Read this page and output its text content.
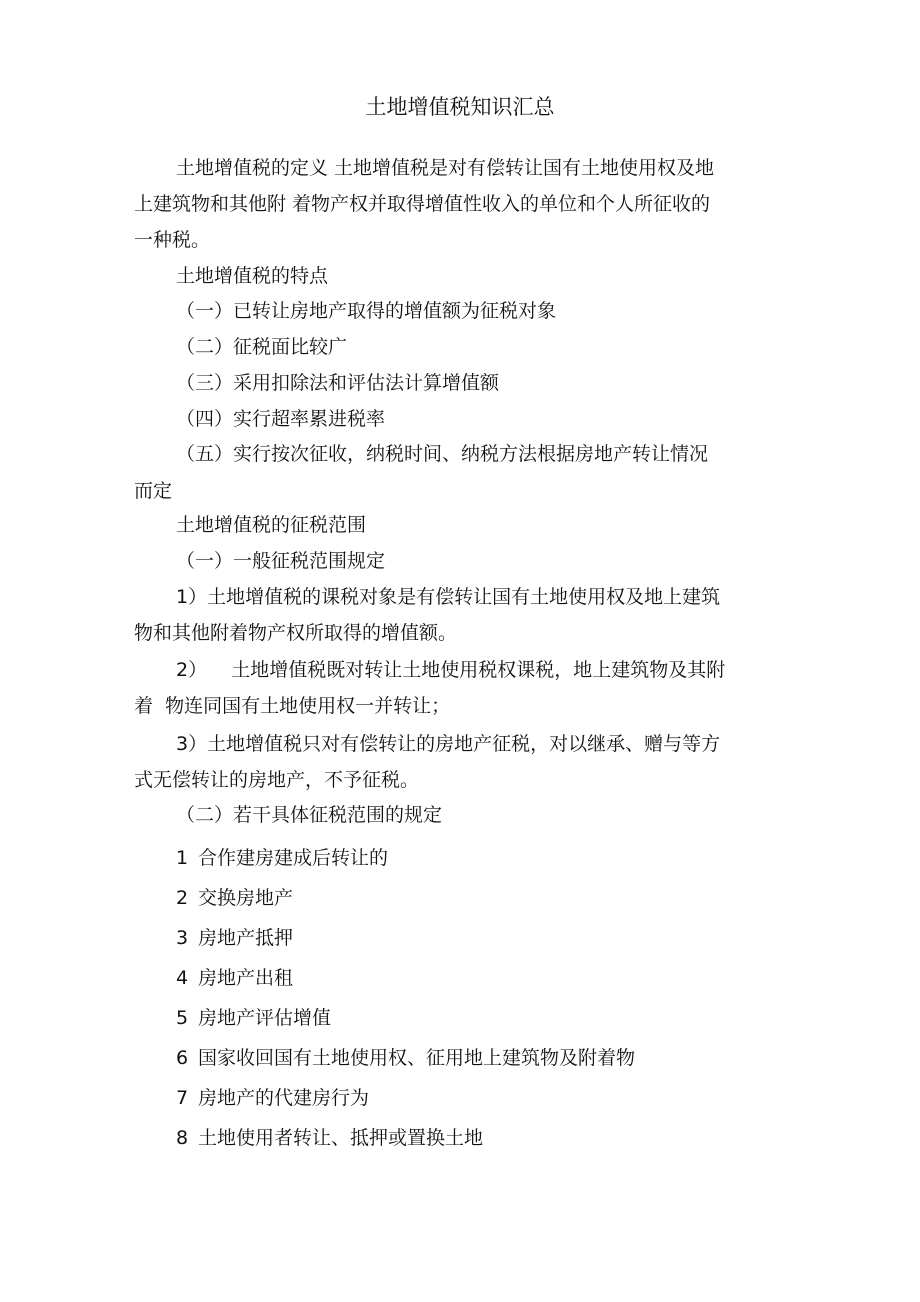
土地增值税知识汇总
土地增值税的定义 土地增值税是对有偿转让国有土地使用权及地
上建筑物和其他附 着物产权并取得增值性收入的单位和个人所征收的
一种税。
土地增值税的特点
（一）已转让房地产取得的增值额为征税对象
（二）征税面比较广
（三）采用扣除法和评估法计算增值额
（四）实行超率累进税率
（五）实行按次征收，纳税时间、纳税方法根据房地产转让情况
而定
土地增值税的征税范围
（一）一般征税范围规定
1）土地增值税的课税对象是有偿转让国有土地使用权及地上建筑
物和其他附着物产权所取得的增值额。
2）    土地增值税既对转让土地使用税权课税，地上建筑物及其附
着  物连同国有土地使用权一并转让；
3）土地增值税只对有偿转让的房地产征税，对以继承、赠与等方
式无偿转让的房地产，不予征税。
（二）若干具体征税范围的规定
1 合作建房建成后转让的
2 交换房地产
3 房地产抵押
4 房地产出租
5 房地产评估增值
6 国家收回国有土地使用权、征用地上建筑物及附着物
7 房地产的代建房行为
8 土地使用者转让、抵押或置换土地
